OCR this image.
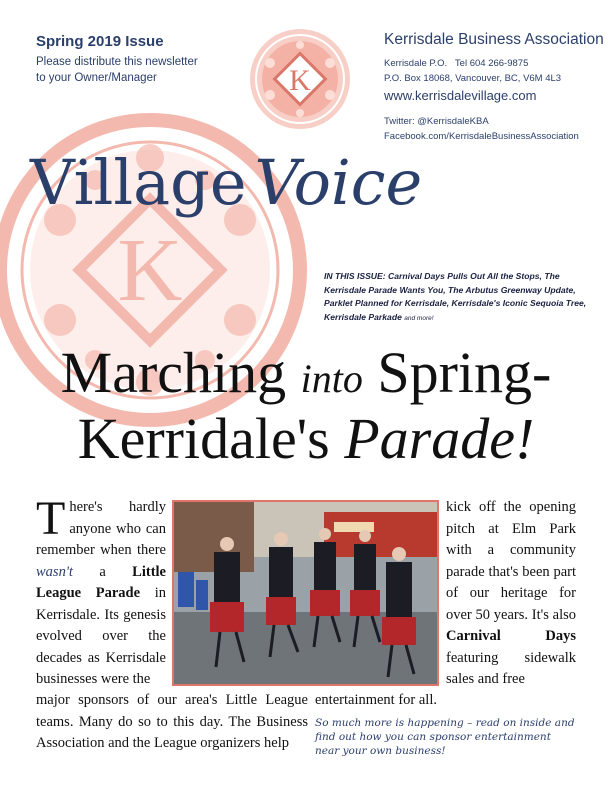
K
K
Spring 2019 Issue
Please distribute this newsletter
to your Owner/Manager
Kerrisdale Business Association
Kerrisdale P.O.   Tel 604 266-9875
P.O. Box 18068, Vancouver, BC, V6M 4L3
www.kerrisdalevillage.com
Twitter: @KerrisdaleKBA
Facebook.com/KerrisdaleBusinessAssociation
Village Voice
IN THIS ISSUE: Carnival Days Pulls Out All the Stops, The Kerrisdale Parade Wants You, The Arbutus Greenway Update, Parklet Planned for Kerrisdale, Kerrisdale's Iconic Sequoia Tree, Kerrisdale Parkade and more!
Marching into Spring-
Kerridale's Parade!
There's hardly anyone who can remember when there wasn't a Little League Parade in Kerrisdale. Its genesis evolved over the decades as Kerrisdale businesses were the
kick off the opening pitch at Elm Park with a community parade that's been part of our heritage for over 50 years. It's also Carnival Days featuring sidewalk sales and free
major sponsors of our area's Little League teams. Many do so to this day. The Business Association and the League organizers help
entertainment for all.
So much more is happening – read on inside and find out how you can sponsor entertainment near your own business!
